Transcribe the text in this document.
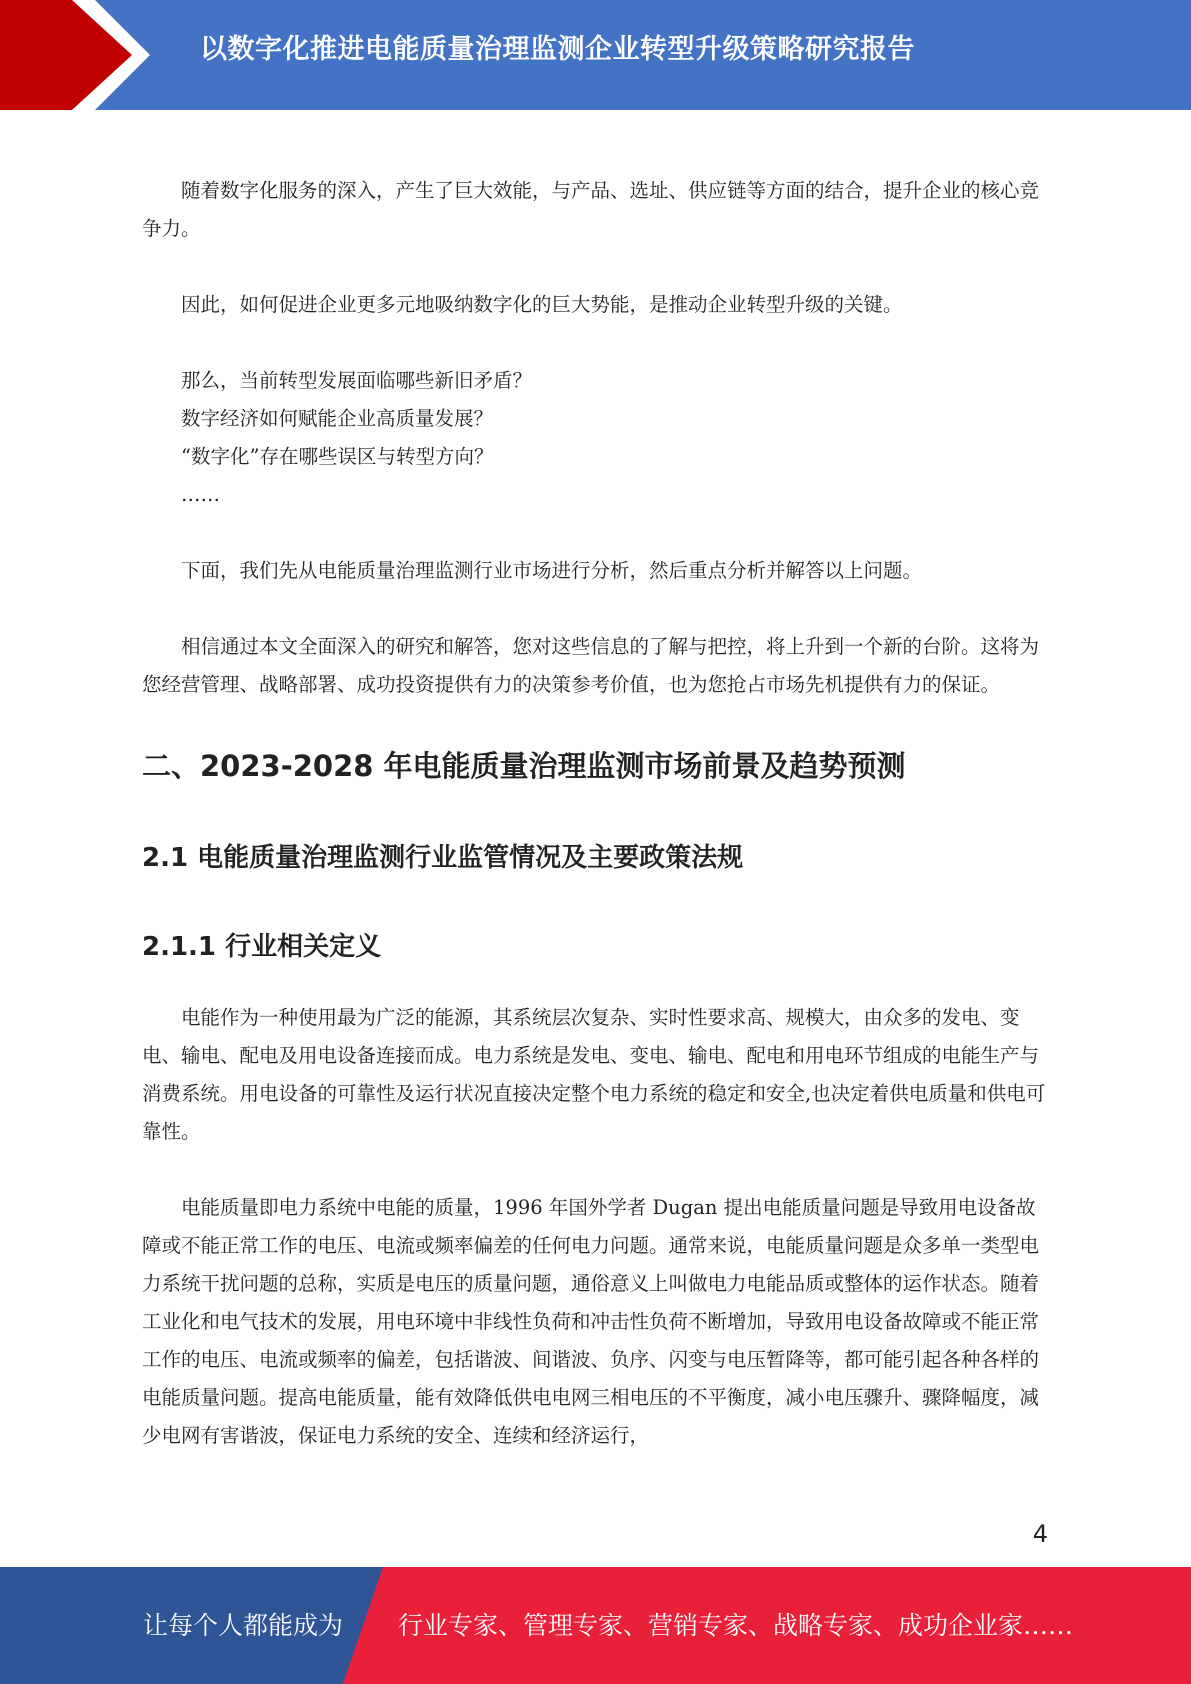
以数字化推进电能质量治理监测企业转型升级策略研究报告

随着数字化服务的深入，产生了巨大效能，与产品、选址、供应链等方面的结合，提升企业的核心竞争力。

因此，如何促进企业更多元地吸纳数字化的巨大势能，是推动企业转型升级的关键。

那么，当前转型发展面临哪些新旧矛盾？

数字经济如何赋能企业高质量发展？

“数字化”存在哪些误区与转型方向？

……

下面，我们先从电能质量治理监测行业市场进行分析，然后重点分析并解答以上问题。

相信通过本文全面深入的研究和解答，您对这些信息的了解与把控，将上升到一个新的台阶。这将为您经营管理、战略部署、成功投资提供有力的决策参考价值，也为您抢占市场先机提供有力的保证。

二、2023-2028 年电能质量治理监测市场前景及趋势预测
2.1 电能质量治理监测行业监管情况及主要政策法规
2.1.1 行业相关定义

电能作为一种使用最为广泛的能源，其系统层次复杂、实时性要求高、规模大，由众多的发电、变电、输电、配电及用电设备连接而成。电力系统是发电、变电、输电、配电和用电环节组成的电能生产与消费系统。用电设备的可靠性及运行状况直接决定整个电力系统的稳定和安全,也决定着供电质量和供电可靠性。

电能质量即电力系统中电能的质量，1996 年国外学者 Dugan 提出电能质量问题是导致用电设备故障或不能正常工作的电压、电流或频率偏差的任何电力问题。通常来说，电能质量问题是众多单一类型电力系统干扰问题的总称，实质是电压的质量问题，通俗意义上叫做电力电能品质或整体的运作状态。随着工业化和电气技术的发展，用电环境中非线性负荷和冲击性负荷不断增加，导致用电设备故障或不能正常工作的电压、电流或频率的偏差，包括谐波、间谐波、负序、闪变与电压暂降等，都可能引起各种各样的电能质量问题。提高电能质量，能有效降低供电电网三相电压的不平衡度，减小电压骤升、骤降幅度，减少电网有害谐波，保证电力系统的安全、连续和经济运行，

4
让每个人都能成为 行业专家、管理专家、营销专家、战略专家、成功企业家……
